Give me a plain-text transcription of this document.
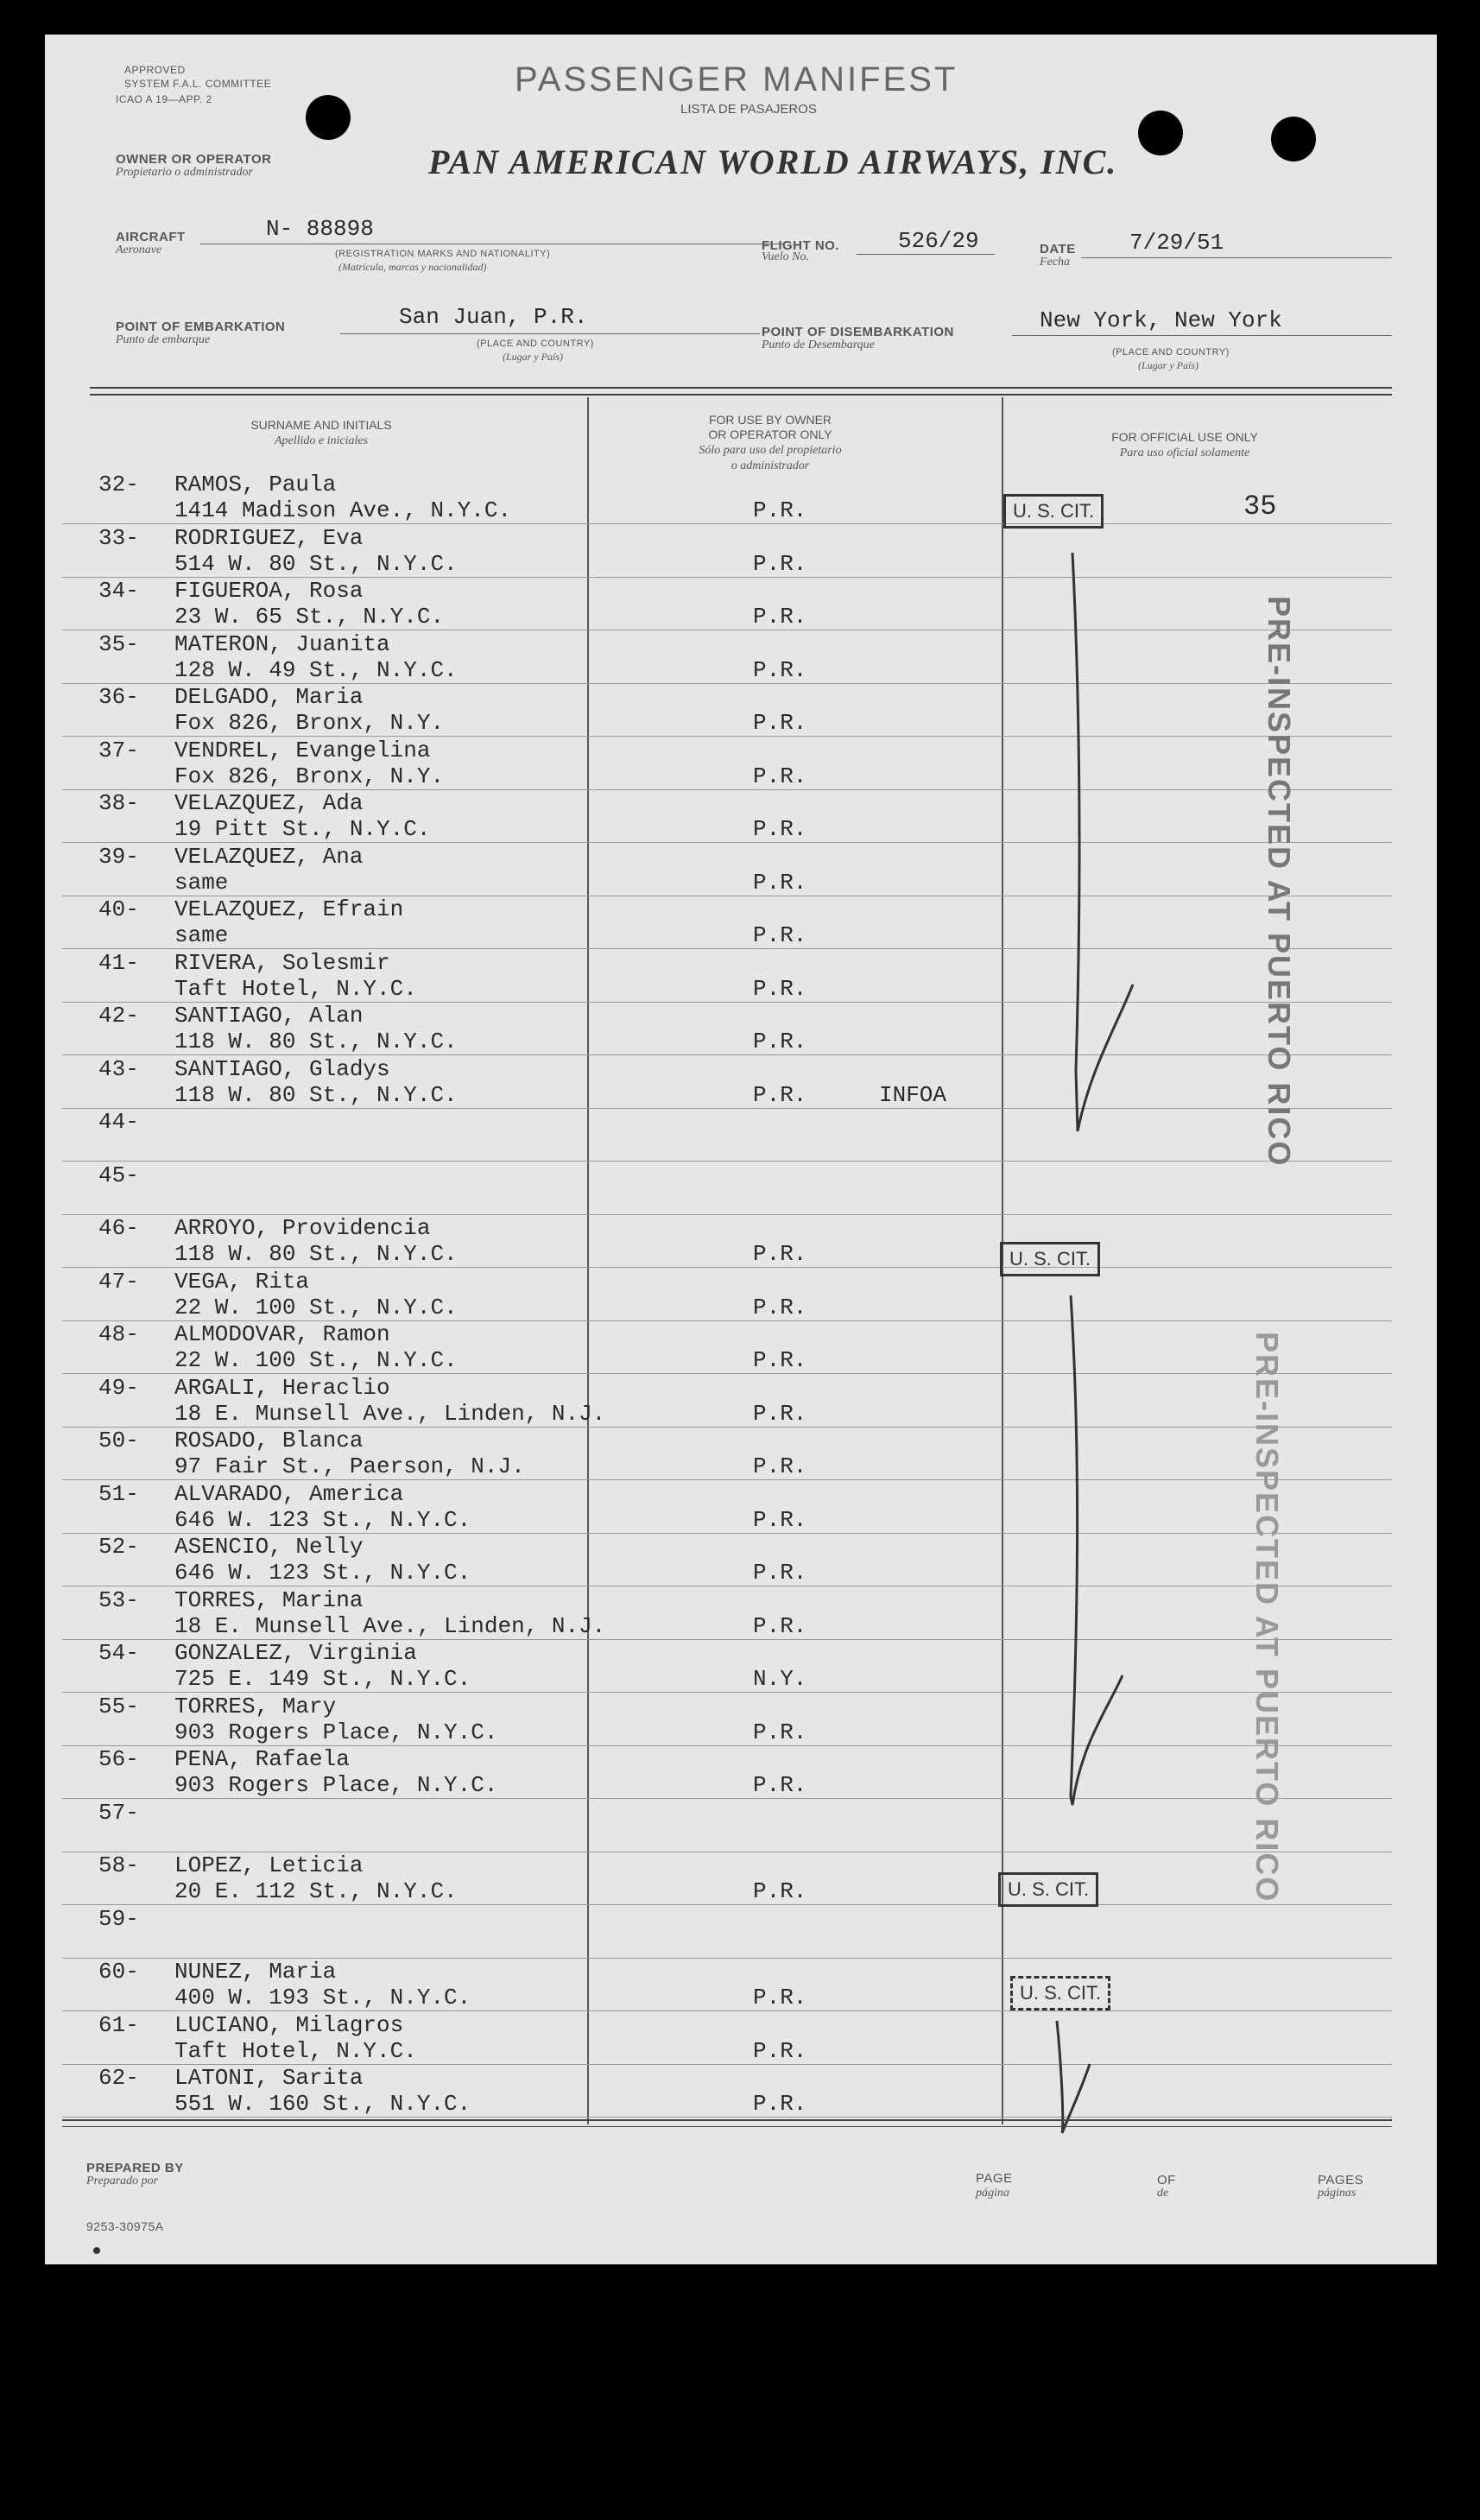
APPROVED
SYSTEM F.A.L. COMMITTEE
ICAO A 19—APP. 2
PASSENGER MANIFEST
LISTA DE PASAJEROS
OWNER OR OPERATOR
Propietario o administrador	PAN AMERICAN WORLD AIRWAYS, INC.
AIRCRAFT
Aeronave
N- 88898
(REGISTRATION MARKS AND NATIONALITY)
(Matrícula, marcas y nacionalidad)
FLIGHT NO.
Vuelo No.
526/29	DATE
Fecha
7/29/51
POINT OF EMBARKATION
Punto de embarque
San Juan, P.R.
(PLACE AND COUNTRY)
(Lugar y País)
POINT OF DISEMBARKATION
Punto de Desembarque
New York, New York
(PLACE AND COUNTRY)
(Lugar y País)
SURNAME AND INITIALS
Apellido e iniciales
FOR USE BY OWNER
OR OPERATOR ONLY
Sólo para uso del propietario
o administrador
FOR OFFICIAL USE ONLY
Para uso oficial solamente
32- RAMOS, Paula
1414 Madison Ave., N.Y.C.	P.R.
33- RODRIGUEZ, Eva
514 W. 80 St., N.Y.C.	P.R.
34- FIGUEROA, Rosa
23 W. 65 St., N.Y.C.	P.R.
35- MATERON, Juanita
128 W. 49 St., N.Y.C.	P.R.
36- DELGADO, Maria
Fox 826, Bronx, N.Y.	P.R.
37- VENDREL, Evangelina
Fox 826, Bronx, N.Y.	P.R.
38- VELAZQUEZ, Ada
19 Pitt St., N.Y.C.	P.R.
39- VELAZQUEZ, Ana
same	P.R.
40- VELAZQUEZ, Efrain
same	P.R.
41- RIVERA, Solesmir
Taft Hotel, N.Y.C.	P.R.
42- SANTIAGO, Alan
118 W. 80 St., N.Y.C.	P.R.
43- SANTIAGO, Gladys
118 W. 80 St., N.Y.C.	P.R.	INFOA
44-
45-
46- ARROYO, Providencia
118 W. 80 St., N.Y.C.	P.R.
47- VEGA, Rita
22 W. 100 St., N.Y.C.	P.R.
48- ALMODOVAR, Ramon
22 W. 100 St., N.Y.C.	P.R.
49- ARGALI, Heraclio
18 E. Munsell Ave., Linden, N.J.	P.R.
50- ROSADO, Blanca
97 Fair St., Paerson, N.J.	P.R.
51- ALVARADO, America
646 W. 123 St., N.Y.C.	P.R.
52- ASENCIO, Nelly
646 W. 123 St., N.Y.C.	P.R.
53- TORRES, Marina
18 E. Munsell Ave., Linden, N.J.	P.R.
54- GONZALEZ, Virginia
725 E. 149 St., N.Y.C.	N.Y.
55- TORRES, Mary
903 Rogers Place, N.Y.C.	P.R.
56- PENA, Rafaela
903 Rogers Place, N.Y.C.	P.R.
57-
58- LOPEZ, Leticia
20 E. 112 St., N.Y.C.	P.R.
59-
60- NUNEZ, Maria
400 W. 193 St., N.Y.C.	P.R.
61- LUCIANO, Milagros
Taft Hotel, N.Y.C.	P.R.
62- LATONI, Sarita
551 W. 160 St., N.Y.C.	P.R.
U. S. CIT.	35
PRE-INSPECTED AT PUERTO RICO
U. S. CIT.
PRE-INSPECTED AT PUERTO RICO
U. S. CIT.
U. S. CIT.
PREPARED BY
Preparado por	PAGE
página
OF
de
PAGES
páginas
9253-30975A
